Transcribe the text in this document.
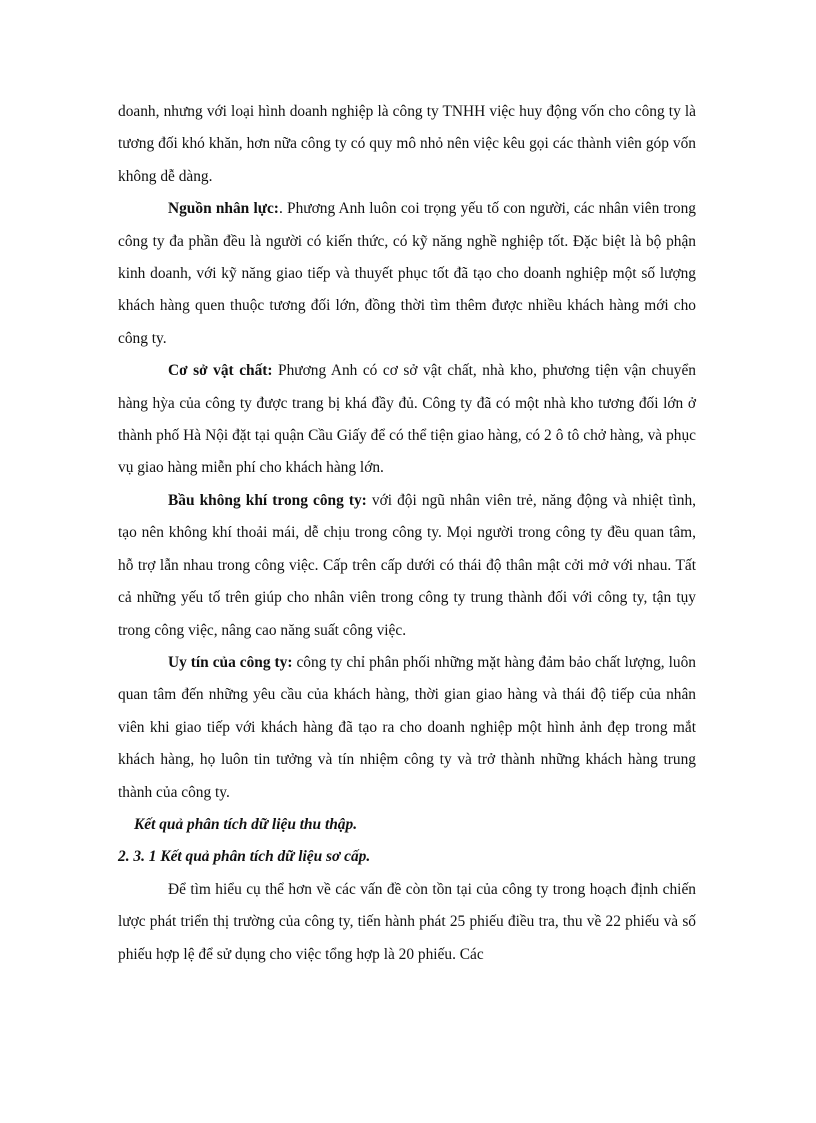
doanh, nhưng với loại hình doanh nghiệp là công ty TNHH việc huy động vốn cho công ty là tương đối khó khăn, hơn nữa công ty có quy mô nhỏ nên việc kêu gọi các thành viên góp vốn không dễ dàng.

Nguồn nhân lực:. Phương Anh luôn coi trọng yếu tố con người, các nhân viên trong công ty đa phần đều là người có kiến thức, có kỹ năng nghề nghiệp tốt. Đặc biệt là bộ phận kinh doanh, với kỹ năng giao tiếp và thuyết phục tốt đã tạo cho doanh nghiệp một số lượng khách hàng quen thuộc tương đối lớn, đồng thời tìm thêm được nhiều khách hàng mới cho công ty.

Cơ sở vật chất: Phương Anh có cơ sở vật chất, nhà kho, phương tiện vận chuyển hàng hỳa của công ty được trang bị khá đầy đủ. Công ty đã có một nhà kho tương đối lớn ở thành phố Hà Nội đặt tại quận Cầu Giấy để có thể tiện giao hàng, có 2 ô tô chở hàng, và phục vụ giao hàng miễn phí cho khách hàng lớn.

Bầu không khí trong công ty: với đội ngũ nhân viên trẻ, năng động và nhiệt tình, tạo nên không khí thoải mái, dễ chịu trong công ty. Mọi người trong công ty đều quan tâm, hỗ trợ lẫn nhau trong công việc. Cấp trên cấp dưới có thái độ thân mật cởi mở với nhau. Tất cả những yếu tố trên giúp cho nhân viên trong công ty trung thành đối với công ty, tận tụy trong công việc, nâng cao năng suất công việc.

Uy tín của công ty: công ty chỉ phân phối những mặt hàng đảm bảo chất lượng, luôn quan tâm đến những yêu cầu của khách hàng, thời gian giao hàng và thái độ tiếp của nhân viên khi giao tiếp với khách hàng đã tạo ra cho doanh nghiệp một hình ảnh đẹp trong mắt khách hàng, họ luôn tin tưởng và tín nhiệm công ty và trở thành những khách hàng trung thành của công ty.

Kết quả phân tích dữ liệu thu thập.

2. 3. 1 Kết quả phân tích dữ liệu sơ cấp.

Để tìm hiểu cụ thể hơn về các vấn đề còn tồn tại của công ty trong hoạch định chiến lược phát triển thị trường của công ty, tiến hành phát 25 phiếu điều tra, thu về 22 phiếu và số phiếu hợp lệ để sử dụng cho việc tổng hợp là 20 phiếu. Các
